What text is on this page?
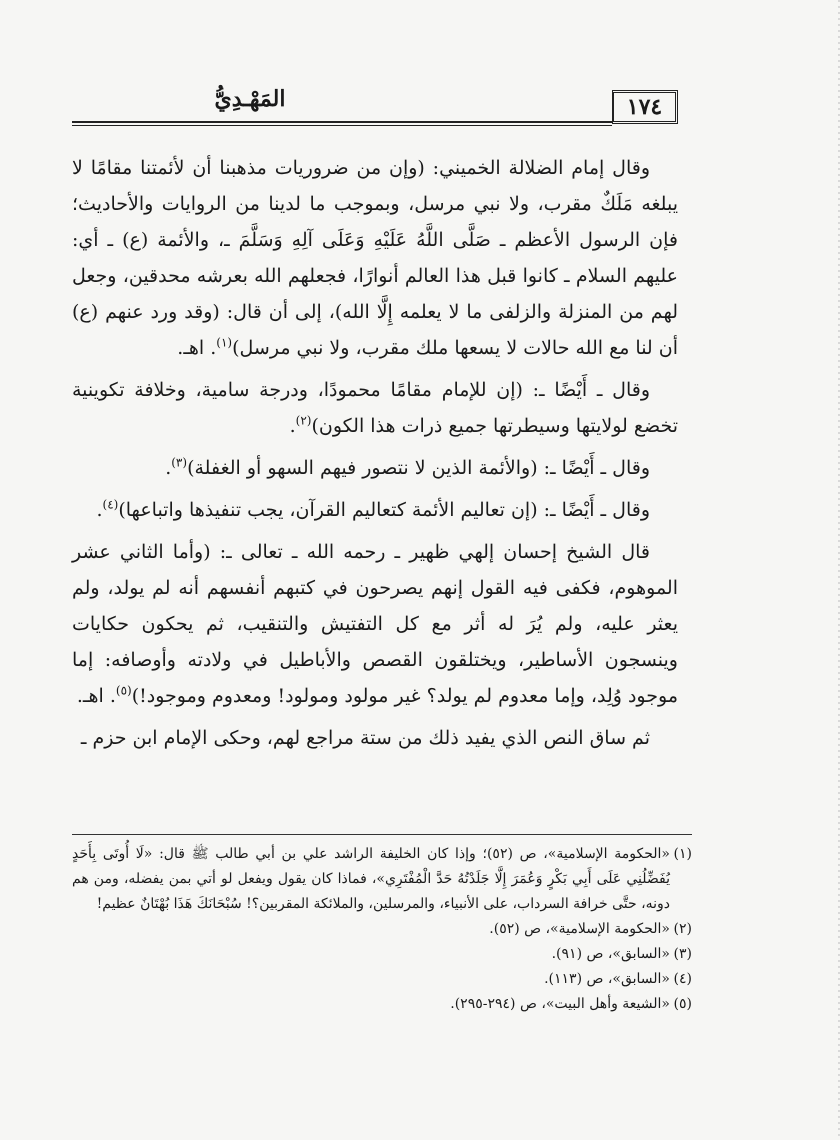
المَهْـدِيُّ	١٧٤

وقال إمام الضلالة الخميني: (وإن من ضروريات مذهبنا أن لأئمتنا مقامًا لا يبلغه مَلَكٌ مقرب، ولا نبي مرسل، وبموجب ما لدينا من الروايات والأحاديث؛ فإن الرسول الأعظم ـ صَلَّى اللَّهُ عَلَيْهِ وَعَلَى آلِهِ وَسَلَّمَ ـ، والأئمة (ع) ـ أي: عليهم السلام ـ كانوا قبل هذا العالم أنوارًا، فجعلهم الله بعرشه محدقين، وجعل لهم من المنزلة والزلفى ما لا يعلمه إِلَّا الله)، إلى أن قال: (وقد ورد عنهم (ع) أن لنا مع الله حالات لا يسعها ملك مقرب، ولا نبي مرسل)$^{(١)}$. اهـ.

وقال ـ أَيْضًا ـ: (إن للإمام مقامًا محمودًا، ودرجة سامية، وخلافة تكوينية تخضع لولايتها وسيطرتها جميع ذرات هذا الكون)$^{(٢)}$.

وقال ـ أَيْضًا ـ: (والأئمة الذين لا نتصور فيهم السهو أو الغفلة)$^{(٣)}$.

وقال ـ أَيْضًا ـ: (إن تعاليم الأئمة كتعاليم القرآن، يجب تنفيذها واتباعها)$^{(٤)}$.

قال الشيخ إحسان إلهي ظهير ـ رحمه الله ـ تعالى ـ: (وأما الثاني عشر الموهوم، فكفى فيه القول إنهم يصرحون في كتبهم أنفسهم أنه لم يولد، ولم يعثر عليه، ولم يُرَ له أثر مع كل التفتيش والتنقيب، ثم يحكون حكايات وينسجون الأساطير، ويختلقون القصص والأباطيل في ولادته وأوصافه: إما موجود وُلِد، وإما معدوم لم يولد؟ غير مولود ومولود! ومعدوم وموجود!)$^{(٥)}$. اهـ.

ثم ساق النص الذي يفيد ذلك من ستة مراجع لهم، وحكى الإمام ابن حزم ـ

(١)«الحكومة الإسلامية»، ص (٥٢)؛ وإذا كان الخليفة الراشد علي بن أبي طالب ﷺ قال: «لَا أُوتَى بِأَحَدٍ يُفَضِّلُنِي عَلَى أَبِي بَكْرٍ وَعُمَرَ إِلَّا جَلَدْتُهُ حَدَّ الْمُفْتَرِي»، فماذا كان يقول ويفعل لو أتي بمن يفضله، ومن هم دونه، حتَّى خرافة السرداب، على الأنبياء، والمرسلين، والملائكة المقربين؟! سُبْحَانَكَ هَذَا بُهْتَانٌ عظيم!

(٢)«الحكومة الإسلامية»، ص (٥٢).

(٣)«السابق»، ص (٩١).

(٤)«السابق»، ص (١١٣).

(٥)«الشيعة وأهل البيت»، ص (٢٩٤-٢٩٥).
